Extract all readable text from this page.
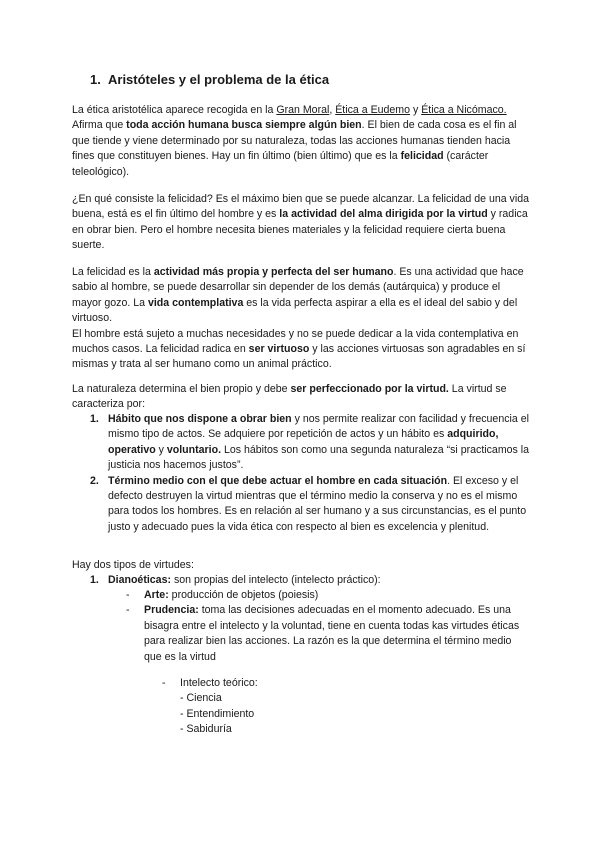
1. Aristóteles y el problema de la ética

La ética aristotélica aparece recogida en la Gran Moral, Ética a Eudemo y Ética a Nicómaco. Afirma que toda acción humana busca siempre algún bien. El bien de cada cosa es el fin al que tiende y viene determinado por su naturaleza, todas las acciones humanas tienden hacia fines que constituyen bienes. Hay un fin último (bien último) que es la felicidad (carácter teleológico).

¿En qué consiste la felicidad? Es el máximo bien que se puede alcanzar. La felicidad de una vida buena, está es el fin último del hombre y es la actividad del alma dirigida por la virtud y radica en obrar bien. Pero el hombre necesita bienes materiales y la felicidad requiere cierta buena suerte.

La felicidad es la actividad más propia y perfecta del ser humano. Es una actividad que hace sabio al hombre, se puede desarrollar sin depender de los demás (autárquica) y produce el mayor gozo. La vida contemplativa es la vida perfecta aspirar a ella es el ideal del sabio y del virtuoso.
El hombre está sujeto a muchas necesidades y no se puede dedicar a la vida contemplativa en muchos casos. La felicidad radica en ser virtuoso y las acciones virtuosas son agradables en sí mismas y trata al ser humano como un animal práctico.

La naturaleza determina el bien propio y debe ser perfeccionado por la virtud. La virtud se caracteriza por:

1. Hábito que nos dispone a obrar bien y nos permite realizar con facilidad y frecuencia el mismo tipo de actos. Se adquiere por repetición de actos y un hábito es adquirido, operativo y voluntario. Los hábitos son como una segunda naturaleza “si practicamos la justicia nos hacemos justos”.
2. Término medio con el que debe actuar el hombre en cada situación. El exceso y el defecto destruyen la virtud mientras que el término medio la conserva y no es el mismo para todos los hombres. Es en relación al ser humano y a sus circunstancias, es el punto justo y adecuado pues la vida ética con respecto al bien es excelencia y plenitud.

Hay dos tipos de virtudes:

1. Dianoéticas: son propias del intelecto (intelecto práctico):
- Arte: producción de objetos (poiesis)
- Prudencia: toma las decisiones adecuadas en el momento adecuado. Es una bisagra entre el intelecto y la voluntad, tiene en cuenta todas kas virtudes éticas para realizar bien las acciones. La razón es la que determina el término medio que es la virtud
- Intelecto teórico:
- Ciencia
- Entendimiento
- Sabiduría
